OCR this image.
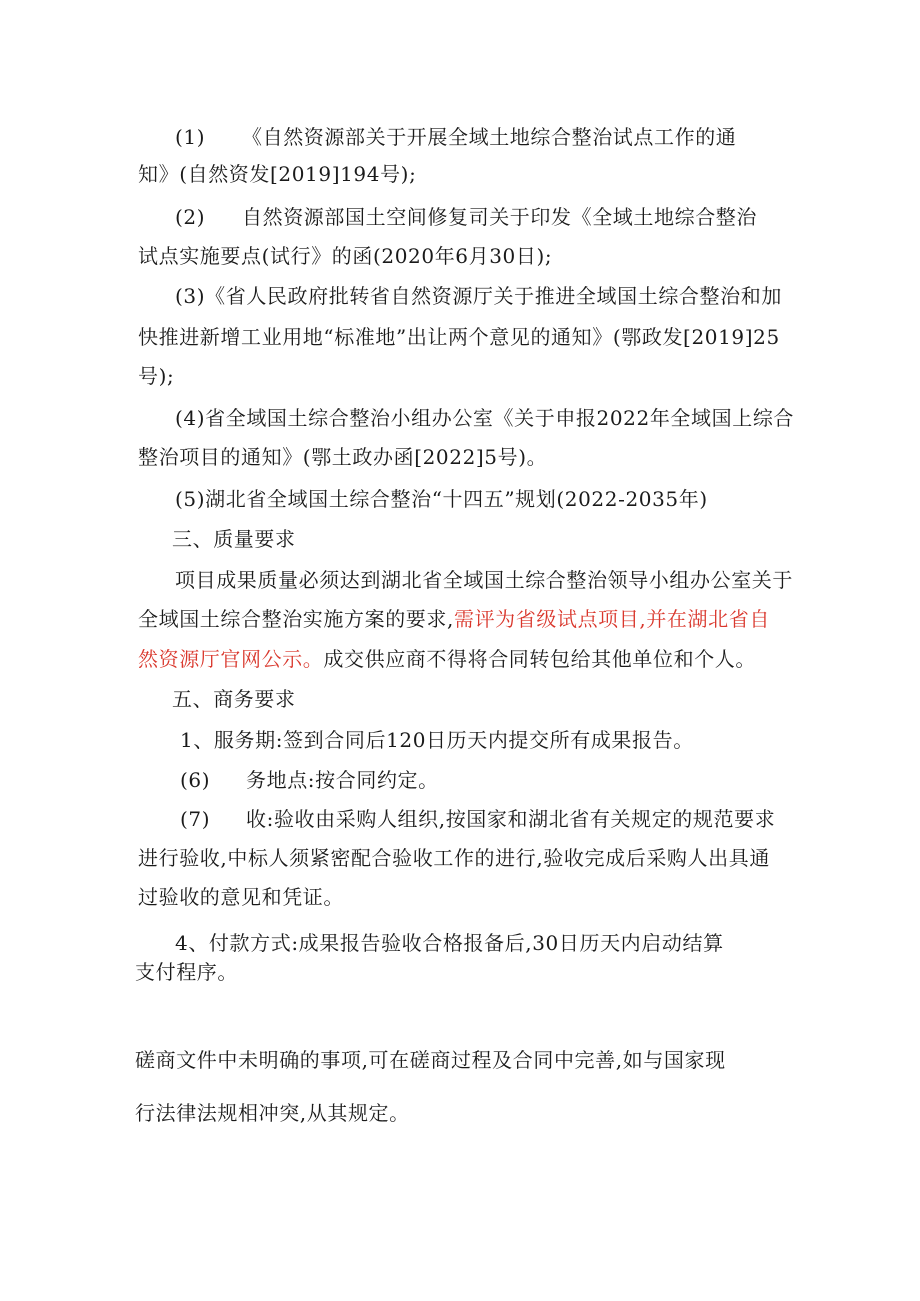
(1) 《自然资源部关于开展全域土地综合整治试点工作的通
知》(自然资发[2019]194号);
(2) 自然资源部国土空间修复司关于印发《全域土地综合整治
试点实施要点(试行》的函(2020年6月30日);
(3)《省人民政府批转省自然资源厅关于推进全域国土综合整治和加
快推进新增工业用地“标准地”出让两个意见的通知》(鄂政发[2019]25
号);
(4)省全域国土综合整治小组办公室《关于申报2022年全域国上综合
整治项目的通知》(鄂土政办函[2022]5号)。
(5)湖北省全域国土综合整治“十四五”规划(2022-2035年)
三、质量要求
项目成果质量必须达到湖北省全域国土综合整治领导小组办公室关于
全域国土综合整治实施方案的要求,需评为省级试点项目,并在湖北省自
然资源厅官网公示。成交供应商不得将合同转包给其他单位和个人。
五、商务要求
1、服务期:签到合同后120日历天内提交所有成果报告。
(6) 务地点:按合同约定。
(7) 收:验收由采购人组织,按国家和湖北省有关规定的规范要求
进行验收,中标人须紧密配合验收工作的进行,验收完成后采购人出具通
过验收的意见和凭证。
4、付款方式:成果报告验收合格报备后,30日历天内启动结算
支付程序。
磋商文件中未明确的事项,可在磋商过程及合同中完善,如与国家现
行法律法规相冲突,从其规定。
